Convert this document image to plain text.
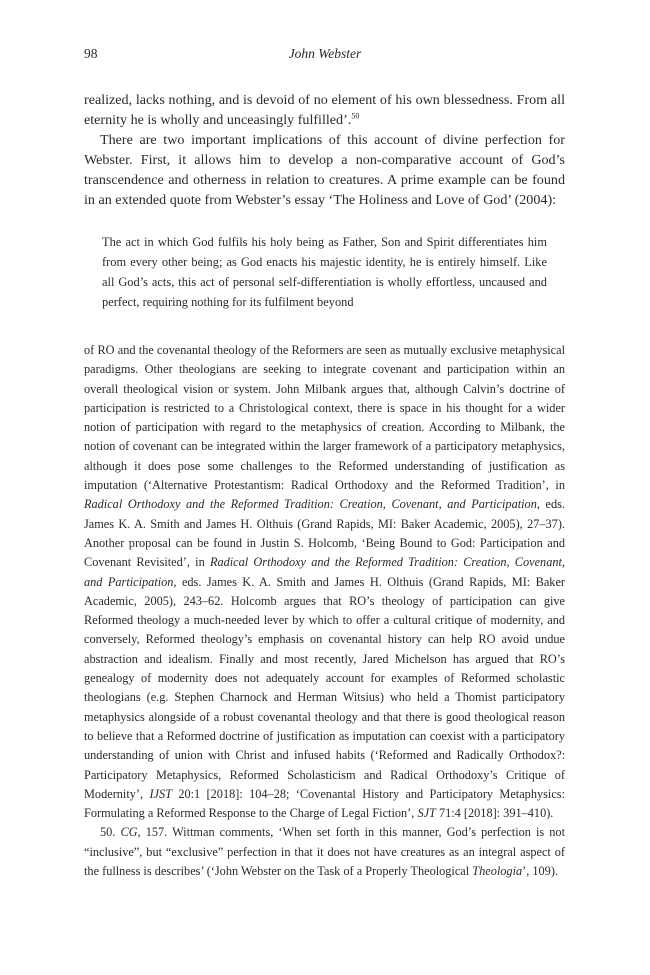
98	John Webster

realized, lacks nothing, and is devoid of no element of his own blessedness. From all eternity he is wholly and unceasingly fulfilled’.$^{50}$

There are two important implications of this account of divine perfection for Webster. First, it allows him to develop a non-comparative account of God’s transcendence and otherness in relation to creatures. A prime example can be found in an extended quote from Webster’s essay ‘The Holiness and Love of God’ (2004):

The act in which God fulfils his holy being as Father, Son and Spirit differentiates him from every other being; as God enacts his majestic identity, he is entirely himself. Like all God’s acts, this act of personal self-differentiation is wholly effortless, uncaused and perfect, requiring nothing for its fulfilment beyond

of RO and the covenantal theology of the Reformers are seen as mutually exclusive metaphysical paradigms. Other theologians are seeking to integrate covenant and participation within an overall theological vision or system. John Milbank argues that, although Calvin’s doctrine of participation is restricted to a Christological context, there is space in his thought for a wider notion of participation with regard to the metaphysics of creation. According to Milbank, the notion of covenant can be integrated within the larger framework of a participatory metaphysics, although it does pose some challenges to the Reformed understanding of justification as imputation (‘Alternative Protestantism: Radical Orthodoxy and the Reformed Tradition’, in Radical Orthodoxy and the Reformed Tradition: Creation, Covenant, and Participation, eds. James K. A. Smith and James H. Olthuis (Grand Rapids, MI: Baker Academic, 2005), 27–37). Another proposal can be found in Justin S. Holcomb, ‘Being Bound to God: Participation and Covenant Revisited’, in Radical Orthodoxy and the Reformed Tradition: Creation, Covenant, and Participation, eds. James K. A. Smith and James H. Olthuis (Grand Rapids, MI: Baker Academic, 2005), 243–62. Holcomb argues that RO’s theology of participation can give Reformed theology a much-needed lever by which to offer a cultural critique of modernity, and conversely, Reformed theology’s emphasis on covenantal history can help RO avoid undue abstraction and idealism. Finally and most recently, Jared Michelson has argued that RO’s genealogy of modernity does not adequately account for examples of Reformed scholastic theologians (e.g. Stephen Charnock and Herman Witsius) who held a Thomist participatory metaphysics alongside of a robust covenantal theology and that there is good theological reason to believe that a Reformed doctrine of justification as imputation can coexist with a participatory understanding of union with Christ and infused habits (‘Reformed and Radically Orthodox?: Participatory Metaphysics, Reformed Scholasticism and Radical Orthodoxy’s Critique of Modernity’, IJST 20:1 [2018]: 104–28; ‘Covenantal History and Participatory Metaphysics: Formulating a Reformed Response to the Charge of Legal Fiction’, SJT 71:4 [2018]: 391–410).

50. CG, 157. Wittman comments, ‘When set forth in this manner, God’s perfection is not “inclusive”, but “exclusive” perfection in that it does not have creatures as an integral aspect of the fullness is describes’ (‘John Webster on the Task of a Properly Theological Theologia’, 109).
